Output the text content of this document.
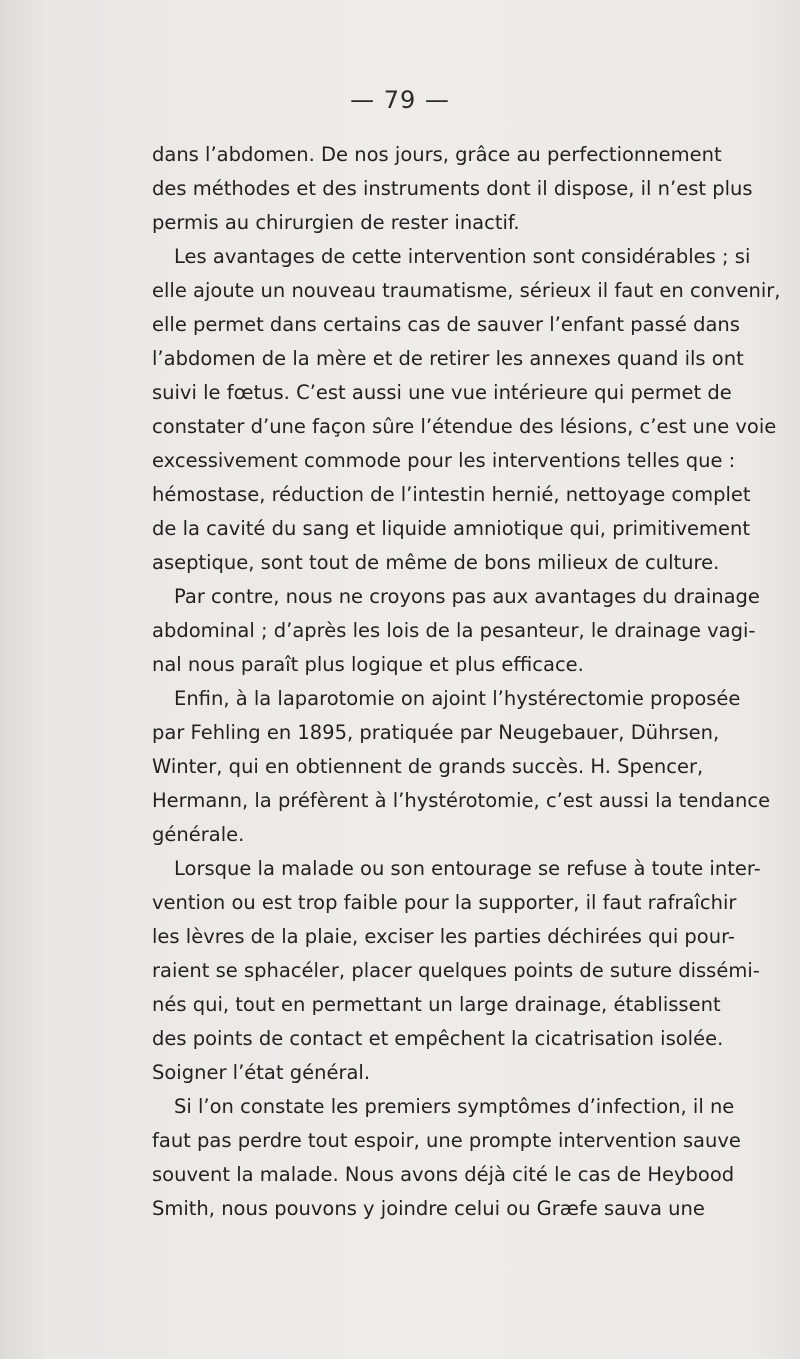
— 79 —
dans l’abdomen. De nos jours, grâce au perfectionnement
des méthodes et des instruments dont il dispose, il n’est plus
permis au chirurgien de rester inactif.
Les avantages de cette intervention sont considérables ; si
elle ajoute un nouveau traumatisme, sérieux il faut en convenir,
elle permet dans certains cas de sauver l’enfant passé dans
l’abdomen de la mère et de retirer les annexes quand ils ont
suivi le fœtus. C’est aussi une vue intérieure qui permet de
constater d’une façon sûre l’étendue des lésions, c’est une voie
excessivement commode pour les interventions telles que :
hémostase, réduction de l’intestin hernié, nettoyage complet
de la cavité du sang et liquide amniotique qui, primitivement
aseptique, sont tout de même de bons milieux de culture.
Par contre, nous ne croyons pas aux avantages du drainage
abdominal ; d’après les lois de la pesanteur, le drainage vagi-
nal nous paraît plus logique et plus efficace.
Enfin, à la laparotomie on ajoint l’hystérectomie proposée
par Fehling en 1895, pratiquée par Neugebauer, Dührsen,
Winter, qui en obtiennent de grands succès. H. Spencer,
Hermann, la préfèrent à l’hystérotomie, c’est aussi la tendance
générale.
Lorsque la malade ou son entourage se refuse à toute inter-
vention ou est trop faible pour la supporter, il faut rafraîchir
les lèvres de la plaie, exciser les parties déchirées qui pour-
raient se sphacéler, placer quelques points de suture dissémi-
nés qui, tout en permettant un large drainage, établissent
des points de contact et empêchent la cicatrisation isolée.
Soigner l’état général.
Si l’on constate les premiers symptômes d’infection, il ne
faut pas perdre tout espoir, une prompte intervention sauve
souvent la malade. Nous avons déjà cité le cas de Heybood
Smith, nous pouvons y joindre celui ou Græfe sauva une
